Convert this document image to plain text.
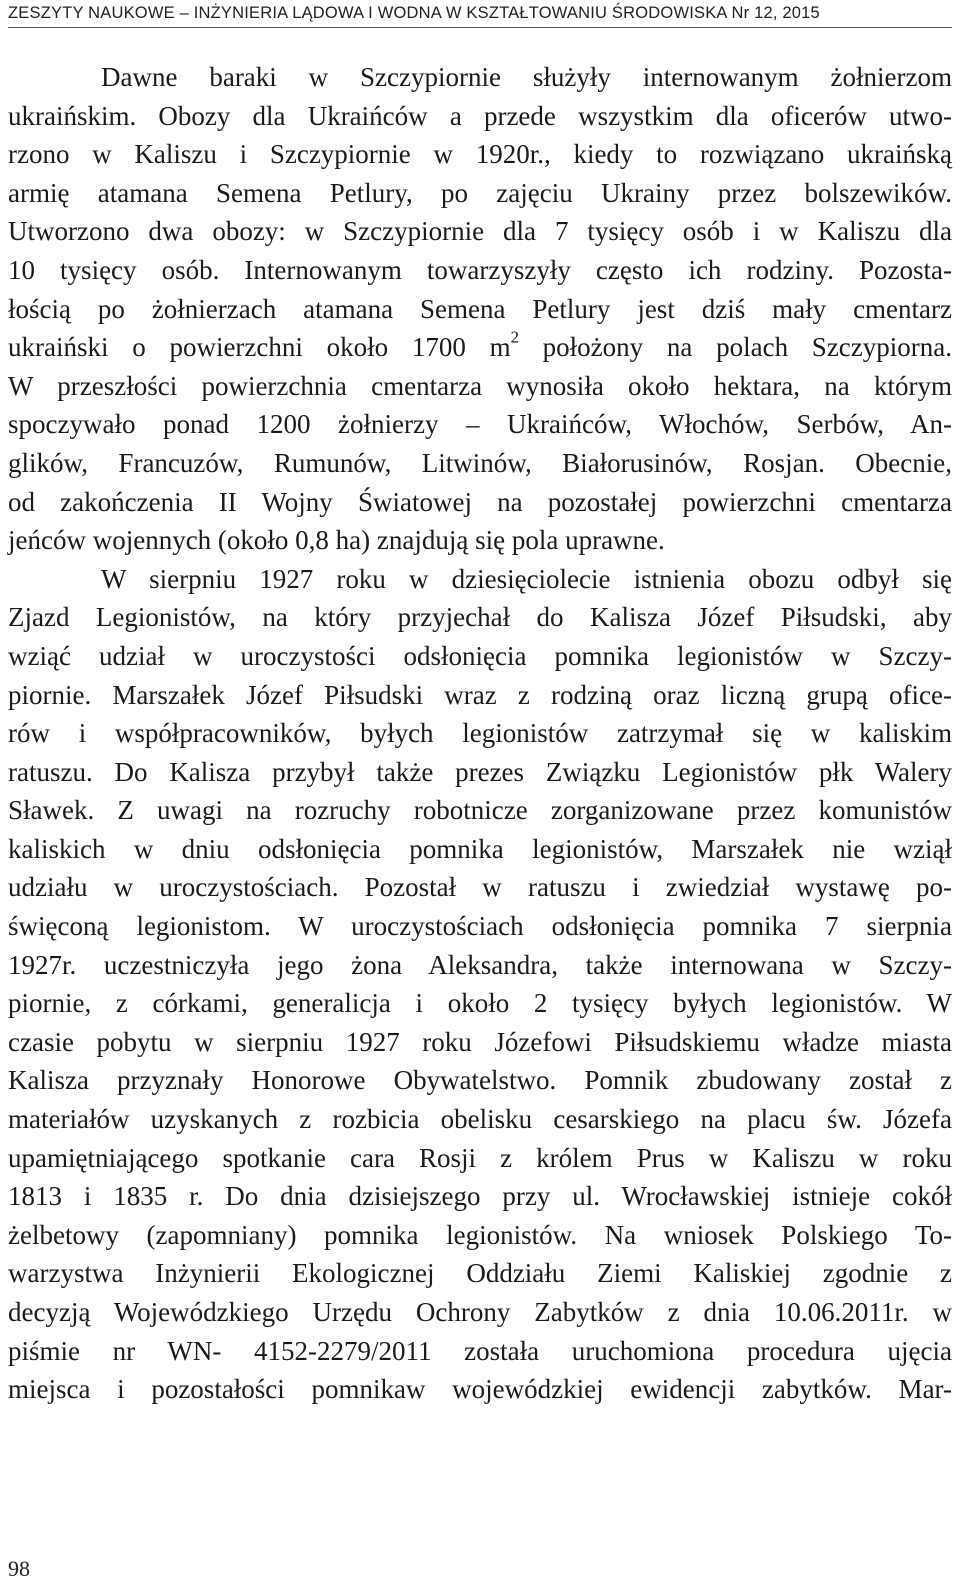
ZESZYTY NAUKOWE – INŻYNIERIA LĄDOWA I WODNA W KSZTAŁTOWANIU ŚRODOWISKA Nr 12, 2015
Dawne baraki w Szczypiornie służyły internowanym żołnierzom
ukraińskim. Obozy dla Ukraińców a przede wszystkim dla oficerów utwo-
rzono w Kaliszu i Szczypiornie w 1920r., kiedy to rozwiązano ukraińską
armię atamana Semena Petlury, po zajęciu Ukrainy przez bolszewików.
Utworzono dwa obozy: w Szczypiornie dla 7 tysięcy osób i w Kaliszu dla
10 tysięcy osób. Internowanym towarzyszyły często ich rodziny. Pozosta-
łością po żołnierzach atamana Semena Petlury jest dziś mały cmentarz
ukraiński o powierzchni około 1700 $m^2$ położony na polach Szczypiorna.
W przeszłości powierzchnia cmentarza wynosiła około hektara, na którym
spoczywało ponad 1200 żołnierzy – Ukraińców, Włochów, Serbów, An-
glików, Francuzów, Rumunów, Litwinów, Białorusinów, Rosjan. Obecnie,
od zakończenia II Wojny Światowej na pozostałej powierzchni cmentarza
jeńców wojennych (około 0,8 ha) znajdują się pola uprawne.
W sierpniu 1927 roku w dziesięciolecie istnienia obozu odbył się
Zjazd Legionistów, na który przyjechał do Kalisza Józef Piłsudski, aby
wziąć udział w uroczystości odsłonięcia pomnika legionistów w Szczy-
piornie. Marszałek Józef Piłsudski wraz z rodziną oraz liczną grupą ofice-
rów i współpracowników, byłych legionistów zatrzymał się w kaliskim
ratuszu. Do Kalisza przybył także prezes Związku Legionistów płk Walery
Sławek. Z uwagi na rozruchy robotnicze zorganizowane przez komunistów
kaliskich w dniu odsłonięcia pomnika legionistów, Marszałek nie wziął
udziału w uroczystościach. Pozostał w ratuszu i zwiedział wystawę po-
święconą legionistom. W uroczystościach odsłonięcia pomnika 7 sierpnia
1927r. uczestniczyła jego żona Aleksandra, także internowana w Szczy-
piornie, z córkami, generalicja i około 2 tysięcy byłych legionistów. W
czasie pobytu w sierpniu 1927 roku Józefowi Piłsudskiemu władze miasta
Kalisza przyznały Honorowe Obywatelstwo. Pomnik zbudowany został z
materiałów uzyskanych z rozbicia obelisku cesarskiego na placu św. Józefa
upamiętniającego spotkanie cara Rosji z królem Prus w Kaliszu w roku
1813 i 1835 r. Do dnia dzisiejszego przy ul. Wrocławskiej istnieje cokół
żelbetowy (zapomniany) pomnika legionistów. Na wniosek Polskiego To-
warzystwa Inżynierii Ekologicznej Oddziału Ziemi Kaliskiej zgodnie z
decyzją Wojewódzkiego Urzędu Ochrony Zabytków z dnia 10.06.2011r. w
piśmie nr WN- 4152-2279/2011 została uruchomiona procedura ujęcia
miejsca i pozostałości pomnikaw wojewódzkiej ewidencji zabytków. Mar-
98
